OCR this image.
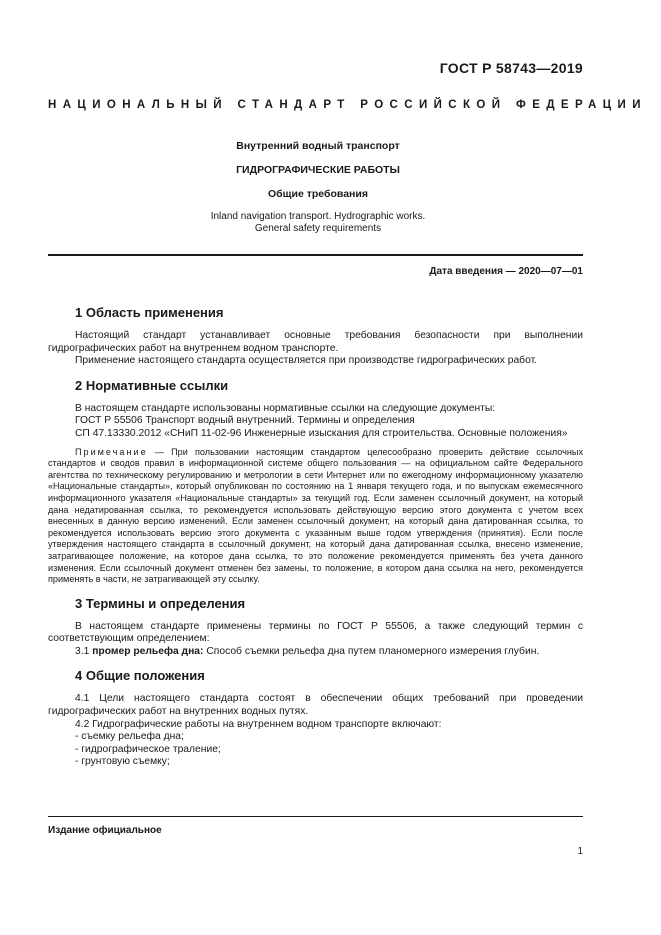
ГОСТ Р 58743—2019
НАЦИОНАЛЬНЫЙ СТАНДАРТ РОССИЙСКОЙ ФЕДЕРАЦИИ
Внутренний водный транспорт
ГИДРОГРАФИЧЕСКИЕ РАБОТЫ
Общие требования
Inland navigation transport. Hydrographic works.
General safety requirements
Дата введения — 2020—07—01
1 Область применения

Настоящий стандарт устанавливает основные требования безопасности при выполнении гидрографических работ на внутреннем водном транспорте.

Применение настоящего стандарта осуществляется при производстве гидрографических работ.

2 Нормативные ссылки

В настоящем стандарте использованы нормативные ссылки на следующие документы:

ГОСТ Р 55506 Транспорт водный внутренний. Термины и определения

СП 47.13330.2012 «СНиП 11-02-96 Инженерные изыскания для строительства. Основные положения»

Примечание — При пользовании настоящим стандартом целесообразно проверить действие ссылочных стандартов и сводов правил в информационной системе общего пользования — на официальном сайте Федерального агентства по техническому регулированию и метрологии в сети Интернет или по ежегодному информационному указателю «Национальные стандарты», который опубликован по состоянию на 1 января текущего года, и по выпускам ежемесячного информационного указателя «Национальные стандарты» за текущий год. Если заменен ссылочный документ, на который дана недатированная ссылка, то рекомендуется использовать действующую версию этого документа с учетом всех внесенных в данную версию изменений. Если заменен ссылочный документ, на который дана датированная ссылка, то рекомендуется использовать версию этого документа с указанным выше годом утверждения (принятия). Если после утверждения настоящего стандарта в ссылочный документ, на который дана датированная ссылка, внесено изменение, затрагивающее положение, на которое дана ссылка, то это положение рекомендуется применять без учета данного изменения. Если ссылочный документ отменен без замены, то положение, в котором дана ссылка на него, рекомендуется применять в части, не затрагивающей эту ссылку.

3 Термины и определения

В настоящем стандарте применены термины по ГОСТ Р 55506, а также следующий термин с соответствующим определением:

3.1 промер рельефа дна: Способ съемки рельефа дна путем планомерного измерения глубин.

4 Общие положения

4.1 Цели настоящего стандарта состоят в обеспечении общих требований при проведении гидрографических работ на внутренних водных путях.

4.2 Гидрографические работы на внутреннем водном транспорте включают:

- съемку рельефа дна;

- гидрографическое траление;

- грунтовую съемку;

Издание официальное
1
